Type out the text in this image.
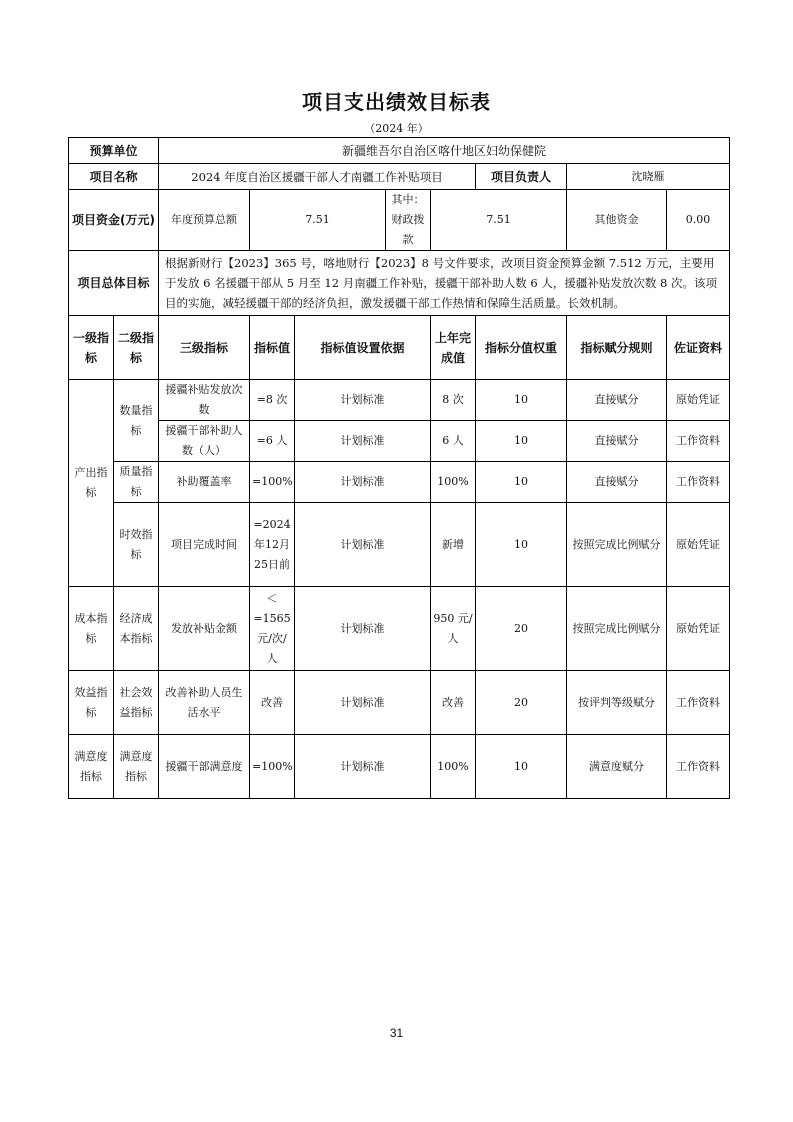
项目支出绩效目标表
（2024 年）
预算单位		新疆维吾尔自治区喀什地区妇幼保健院							
项目名称		2024 年度自治区援疆干部人才南疆工作补贴项目					项目负责人	沈晓雁	
项目资金(万元)		年度预算总额	7.51		其中：财政拨款	7.51		其他资金	0.00
项目总体目标		根据新财行【2023】365 号，喀地财行【2023】8 号文件要求，改项目资金预算金额 7.512 万元，主要用于发放 6 名援疆干部从 5 月至 12 月南疆工作补贴，援疆干部补助人数 6 人，援疆补贴发放次数 8 次。该项目的实施，减轻援疆干部的经济负担，激发援疆干部工作热情和保障生活质量。长效机制。							
一级指标	二级指标	三级指标	指标值	指标值设置依据		上年完成值	指标分值权重	指标赋分规则	佐证资料
产出指标	数量指标	援疆补贴发放次数	=8 次	计划标准		8 次	10	直接赋分	原始凭证
		援疆干部补助人数（人）	=6 人	计划标准		6 人	10	直接赋分	工作资料
	质量指标	补助覆盖率	=100%	计划标准		100%	10	直接赋分	工作资料
	时效指标	项目完成时间	=2024年12月25日前	计划标准		新增	10	按照完成比例赋分	原始凭证
成本指标	经济成本指标	发放补贴金额	＜=1565元/次/人	计划标准		950 元/人	20	按照完成比例赋分	原始凭证
效益指标	社会效益指标	改善补助人员生活水平	改善	计划标准		改善	20	按评判等级赋分	工作资料
满意度指标	满意度指标	援疆干部满意度	=100%	计划标准		100%	10	满意度赋分	工作资料
31
